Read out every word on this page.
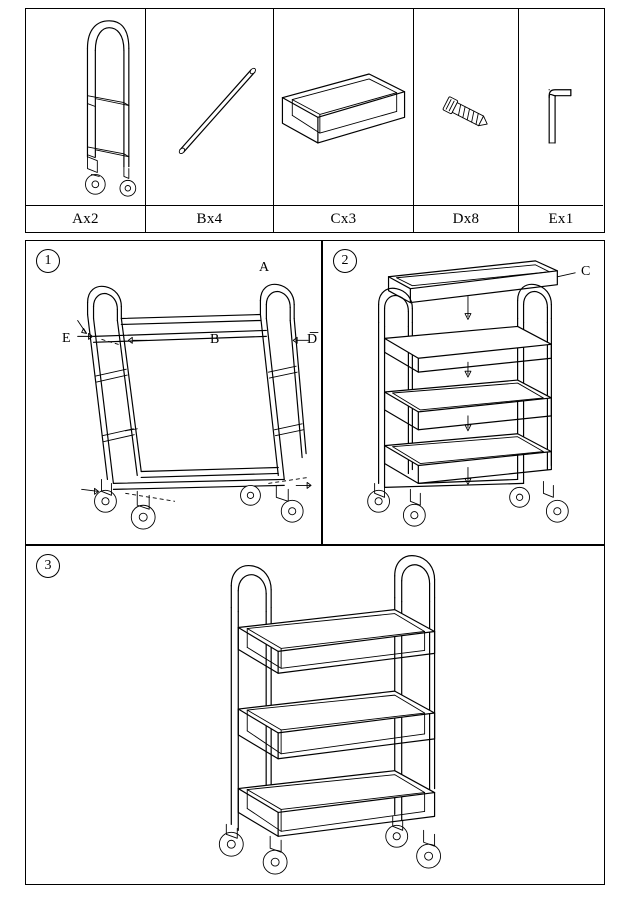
Ax2	Bx4	Cx3	Dx8	Ex1
1	A
B	D
E
2
C
3
